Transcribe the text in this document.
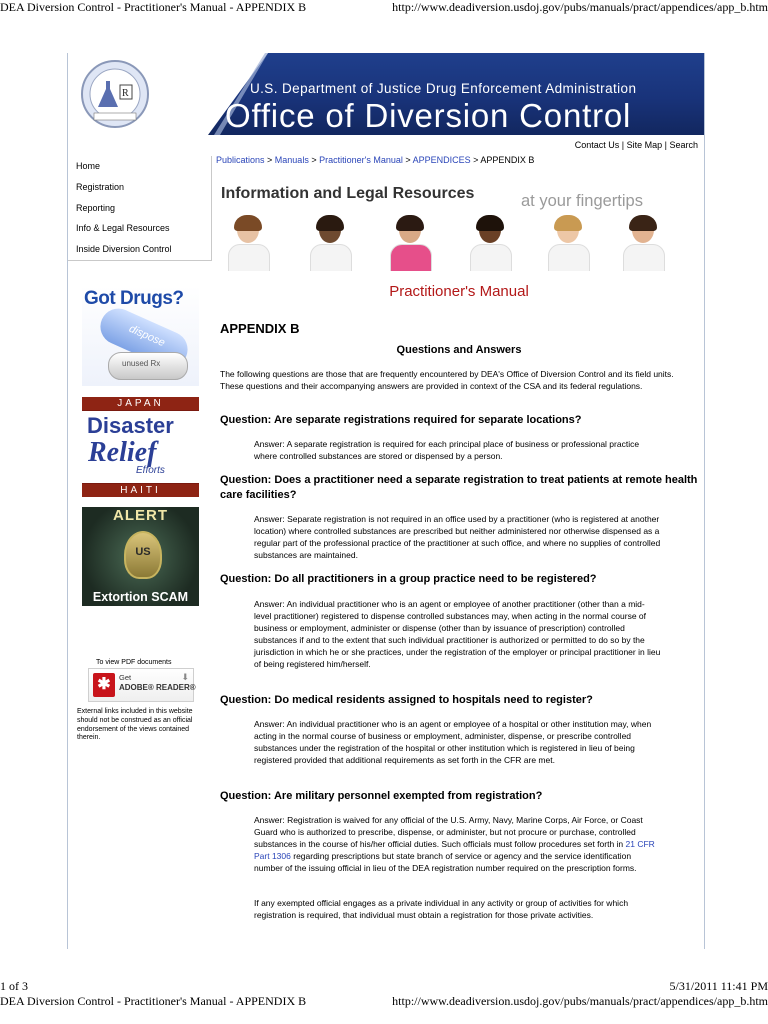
DEA Diversion Control - Practitioner's Manual - APPENDIX B	http://www.deadiversion.usdoj.gov/pubs/manuals/pract/appendices/app_b.htm
R	U.S. Department of Justice Drug Enforcement Administration
Office of Diversion Control
Contact Us | Site Map | Search
Home
Registration
Reporting
Info & Legal Resources
Inside Diversion Control
Publications > Manuals > Practitioner's Manual > APPENDICES > APPENDIX B
Information and Legal Resources	at your fingertips
Got Drugs?
dispose
unused Rx
JAPAN
Disaster
Relief
Efforts
HAITI
ALERT
US
Extortion SCAM
To view PDF documents
✱	Get
ADOBE® READER®
⬇
External links included in this website should not be construed as an official endorsement of the views contained therein.
Practitioner's Manual
APPENDIX B
Questions and Answers
The following questions are those that are frequently encountered by DEA's Office of Diversion Control and its field units. These questions and their accompanying answers are provided in context of the CSA and its federal regulations.
Question: Are separate registrations required for separate locations?
Answer: A separate registration is required for each principal place of business or professional practice where controlled substances are stored or dispensed by a person.
Question: Does a practitioner need a separate registration to treat patients at remote health care facilities?
Answer: Separate registration is not required in an office used by a practitioner (who is registered at another location) where controlled substances are prescribed but neither administered nor otherwise dispensed as a regular part of the professional practice of the practitioner at such office, and where no supplies of controlled substances are maintained.
Question: Do all practitioners in a group practice need to be registered?
Answer: An individual practitioner who is an agent or employee of another practitioner (other than a mid-level practitioner) registered to dispense controlled substances may, when acting in the normal course of business or employment, administer or dispense (other than by issuance of prescription) controlled substances if and to the extent that such individual practitioner is authorized or permitted to do so by the jurisdiction in which he or she practices, under the registration of the employer or principal practitioner in lieu of being registered him/herself.
Question: Do medical residents assigned to hospitals need to register?
Answer: An individual practitioner who is an agent or employee of a hospital or other institution may, when acting in the normal course of business or employment, administer, dispense, or prescribe controlled substances under the registration of the hospital or other institution which is registered in lieu of being registered provided that additional requirements as set forth in the CFR are met.
Question: Are military personnel exempted from registration?
Answer: Registration is waived for any official of the U.S. Army, Navy, Marine Corps, Air Force, or Coast Guard who is authorized to prescribe, dispense, or administer, but not procure or purchase, controlled substances in the course of his/her official duties. Such officials must follow procedures set forth in 21 CFR Part 1306 regarding prescriptions but state branch of service or agency and the service identification number of the issuing official in lieu of the DEA registration number required on the prescription forms.
If any exempted official engages as a private individual in any activity or group of activities for which registration is required, that individual must obtain a registration for those private activities.
1 of 3	5/31/2011 11:41 PM
DEA Diversion Control - Practitioner's Manual - APPENDIX B	http://www.deadiversion.usdoj.gov/pubs/manuals/pract/appendices/app_b.htm
